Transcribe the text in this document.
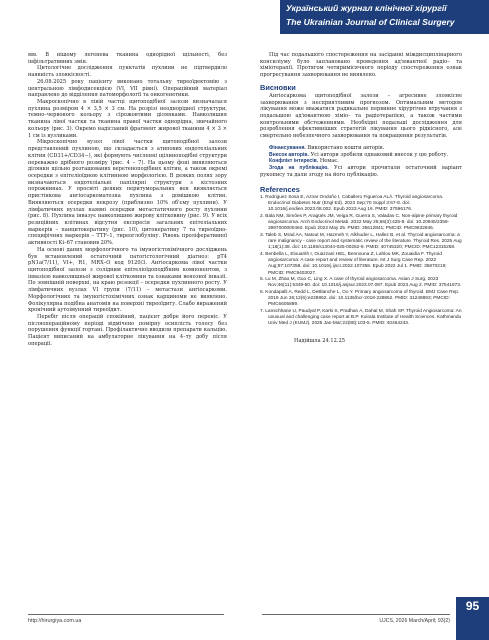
Український журнал клінічної хірургії
The Ukrainian Journal of Clinical Surgery

мм. В нішому легенева тканина однорідної щільності, без інфільтративних змін.

Цитологічне дослідження пунктатів пухлини не підтвердило наявність злоякісності.

26.08.2025 року пацієнту виконано тотальну тиреоїдектомію з центральною лімфодисекцією (VI, VII рівні). Операційний матеріал направлено до відділення патоморфології та онкогенетики.

Макроскопічно в лівій частці щитоподібної залози визначалася пухлина розміром 4 × 3,5 × 3 см. На розрізі неоднорідної структури, темно–червоного кольору з сірожовтими ділянками. Навколишня тканина лівої частки та тканина правої частки однорідна, звичайного кольору (рис. 3). Окремо надісланий фрагмент жирової тканини 4 × 3 × 1 см із вузликами.

Мікроскопічно вузол лівої частки щитоподібної залози представлений пухлиною, що складається з атипових ендотеліальних клітин (CD31+/CD34−), які формують численні щілиноподібні структури переважно дрібного розміру (рис. 4 – 7). На цьому фоні виявляються ділянки щільно розташованих веретеноподібних клітин, а також окремі осередки з епітеліоїдною клітинною морфологією. В деяких полях зору визначаються ендотеліальні папілярні структури з кістозних порожнинах. У просвіті деяких перитуморальних вен виявляється пристінкова ангіосаркоматозна пухлина з домішкою клітин. Виявляються осередки некрозу (приблизно 10% об'єму пухлини). У лімфатичних вузлах наявні осередки метастатичного росту пухлини (рис. 8). Пухлина інвазує навколишню жирову клітковину (рис. 9). У всіх резиційних клітинах відсутня експресія загальних епітеліальних маркерів – панцитокератину (рис. 10), цитокератину 7 та тиреоїдно-специфічних маркерів – TTF–1, тиреоглобуліну. Рівень проліферативної активності Ki–67 становив 20%.

На основі даних морфологічного та імуногістохімічного досліджень був встановлений остаточний патогістологічний діагноз: pT4 pN1a(7/11), VI+, R1, MRX–O код 9120/3. Ангіосаркома лівої частки щитоподібної залози з солідним епітеліоїдоподібним компонентом, з інвазією навколишньої жирової клітковини та ознаками венозної інвазії. По зовнішній поверхні, на краю резекції – осередки пухлинного росту. У лімфатичних вузлах VI групи (7/11) – метастази ангіосаркоми. Морфологічних та імуногістохімічних ознак карциноми не виявлено. Фолікулярна подібна анатомія на поверхні тиреоїдиту. Слабо виражений хронічний аутоімунний тиреоїдит.

Перебіг після операцій спокійний, пацієнт добре його переніс. У післяопераційному періоді відмічено помірну осиплість голосу без порушення функції гортані. Профілактично вводили препарати кальцію. Пацієнт виписаний на амбулаторне лікування на 4–ту добу після операції.

Під час подальшого спостереження на засіданні міждисциплінарного консиліуму було заплановано проведення ад'ювантної радіо– та хіміотерапії. Протягом чотиримісячного періоду спостереження ознак прогресування захворювання не виявлено.

Висновки

Ангіосаркома щитоподібної залози – агресивне злоякісне захворювання з несприятливим прогнозом. Оптимальним методом лікування може вважатися радикальне первинне хірургічне втручання з подальшою ад'ювантною хіміо– та радіотерапією, а також частими контрольними обстеженнями. Необхідні подальші дослідження для розроблення ефективніших стратегій лікування цього рідкісного, але смертельно небезпечного захворювання та покращення результатів.

Фінансування. Використано кошти авторів.

Внесок авторів. Усі автори зробили однаковий внесок у цю роботу.

Конфлікт інтересів. Немає.

Згода на публікацію. Усі автори прочитали остаточний варіант рукопису та дали згоду на його публікацію.

References
1. Rodriguez Sosa E, Aznar Ondoño I, Caballero Figueroa ALÁ. Thyroid angiosarcoma. Endocrinol Diabetes Nutr (Engl Ed). 2023 Sep;70 Suppl 3:67-8. doi: 10.1016/j.endien.2023.08.002. Epub 2023 Aug 16. PMID: 37596176.
2. Bala NM, Simões P, Aragüés JM, Veiga R, Guerra S, Valadas C. Non-alpine primary thyroid angiosarcoma. Arch Endocrinol Metab. 2022 May 25;66(3):425-8. doi: 10.20945/2359-3997000000460. Epub 2022 May 25. PMID: 35612841; PMCID: PMC9832846.
3. Taleb S, Mrad AA, Natout M, Hazmeh Y, Alkhuder L, Hallez B, et al. Thyroid angiosarcoma: a rare malignancy - case report and systematic review of the literature. Thyroid Res. 2025 Aug 1;18(1):38. doi: 10.1186/s13044-025-00252-9. PMID: 40745320; PMCID: PMC12315268.
4. Benbella L, Elouarith I, Ouazzani HEL, Bennouna Z, Lahlou MK, Zouaidia F. Thyroid angiosarcoma: A case report and review of literature. Int J Surg Case Rep. 2022 Aug;97:107358. doi: 10.1016/j.ijscr.2022.107358. Epub 2022 Jul 1. PMID: 35870219; PMCID: PMC9403027.
5. Lu M, Zhao M, Guo C, Ling X. A case of thyroid angiosarcoma. Asian J Surg. 2023 Nov;46(11):5349-50. doi: 10.1016/j.asjsur.2023.07.087. Epub 2023 Aug 2. PMID: 37541873.
6. Kondapalli A, Redd L, DeBlanche L, Oo Y. Primary angiosarcoma of thyroid. BMJ Case Rep. 2019 Jun 26;12(6):e228862. doi: 10.1136/bcr-2018-228862. PMID: 31248893; PMCID: PMC6605889.
7. Lamichhane U, Paudyal P, Karki S, Pradhan A, Dahal M, Shah SP. Thyroid Angiosarcoma: An unusual and challenging case report at B.P. Koirala Institute of Health Sciences. Kathmandu Univ Med J (KUMJ). 2025 Jan-Mar;22(88):103-5. PMID: 40464243.
Надійшла 24.12.25
http://hirurgiya.com.ua	UJCS, 2026 March/April; 93(2)
95
